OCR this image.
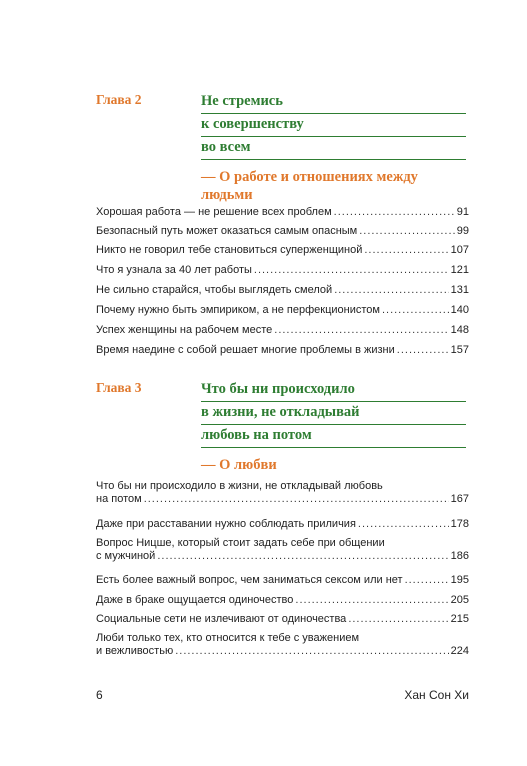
Глава 2	Не стремись
к совершенству
во всем
— О работе и отношениях между
людьми
Хорошая работа — не решение всех проблем .....	91
Безопасный путь может оказаться самым опасным .....	99
Никто не говорил тебе становиться суперженщиной .....	107
Что я узнала за 40 лет работы .....	121
Не сильно старайся, чтобы выглядеть смелой .....	131
Почему нужно быть эмпириком, а не перфекционистом .....	140
Успех женщины на рабочем месте .....	148
Время наедине с собой решает многие проблемы в жизни .....	157
Глава 3	Что бы ни происходило
в жизни, не откладывай
любовь на потом
— О любви
Что бы ни происходило в жизни, не откладывай любовь
на потом .....	167
Даже при расставании нужно соблюдать приличия .....	178
Вопрос Ницше, который стоит задать себе при общении
с мужчиной .....	186
Есть более важный вопрос, чем заниматься сексом или нет .....	195
Даже в браке ощущается одиночество .....	205
Социальные сети не излечивают от одиночества .....	215
Люби только тех, кто относится к тебе с уважением
и вежливостью .....	224
6	Хан Сон Хи
